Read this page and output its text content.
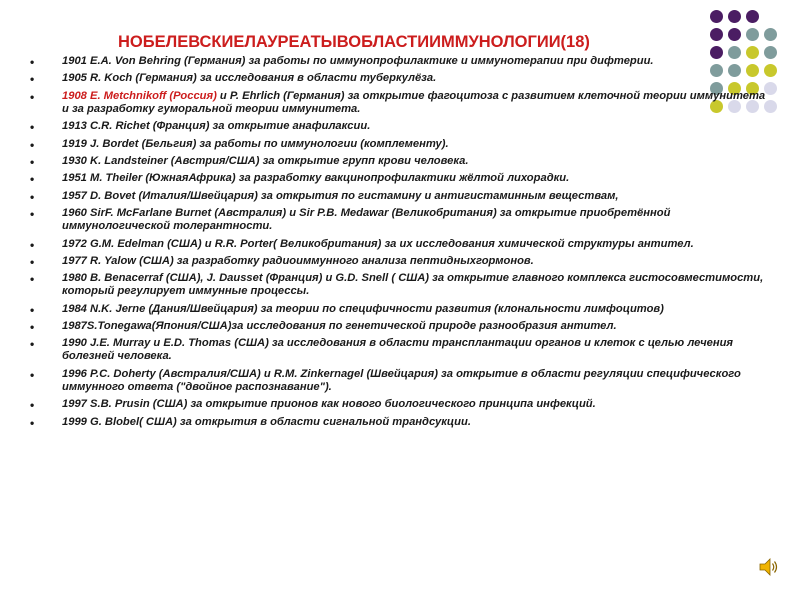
НОБЕЛЕВСКИЕЛАУРЕАТЫВОБЛАСТИИММУНОЛОГИИ(18)
• 1901 E.A. Von Behring (Германия) за работы по иммунопрофилактике и иммунотерапии при дифтерии.
• 1905 R. Koch (Германия) за исследования в области туберкулёза.
• 1908 E. Metchnikoff (Россия) и P. Ehrlich (Германия) за открытие фагоцитоза с развитием клеточной теории иммунитета и за разработку гуморальной теории иммунитета.
• 1913 C.R. Richet (Франция) за открытие анафилаксии.
• 1919 J. Bordet (Бельгия) за работы по иммунологии (комплементу).
• 1930 K. Landsteiner (Австрия/США) за открытие групп крови человека.
• 1951 M. Theiler (ЮжнаяАфрика) за разработку вакцинопрофилактики жёлтой лихорадки.
• 1957 D. Bovet (Италия/Швейцария) за открытия по гистамину и антигистаминным веществам,
• 1960 SirF. McFarlane Burnet (Австралия) и Sir P.B. Medawar (Великобритания) за открытие приобретённой иммунологической толерантности.
• 1972 G.M. Edelman (США) и R.R. Porter( Великобритания) за их исследования химической структуры антител.
• 1977 R. Yalow (США) за разработку радиоиммунного анализа пептидныхгормонов.
• 1980 B. Benacerraf (США), J. Dausset (Франция) и G.D. Snell ( США) за открытие главного комплекса гистосовместимости, который регулирует иммунные процессы.
• 1984 N.K. Jerne (Дания/Швейцария) за теории по специфичности развития (клональности лимфоцитов)
• 1987S.Tonegawa(Япония/США)за исследования по генетической природе разнообразия антител.
• 1990 J.E. Murray и E.D. Thomas (США) за исследования в области трансплантации органов и клеток с целью лечения болезней человека.
• 1996 P.C. Doherty (Австралия/США) и R.M. Zinkernagel (Швейцария) за открытие в области регуляции специфического иммунного ответа ("двойное распознавание").
• 1997 S.B. Prusin (США) за открытие прионов как нового биологического принципа инфекций.
• 1999 G. Blobel( США) за открытия в области сигнальной трандсукции.
